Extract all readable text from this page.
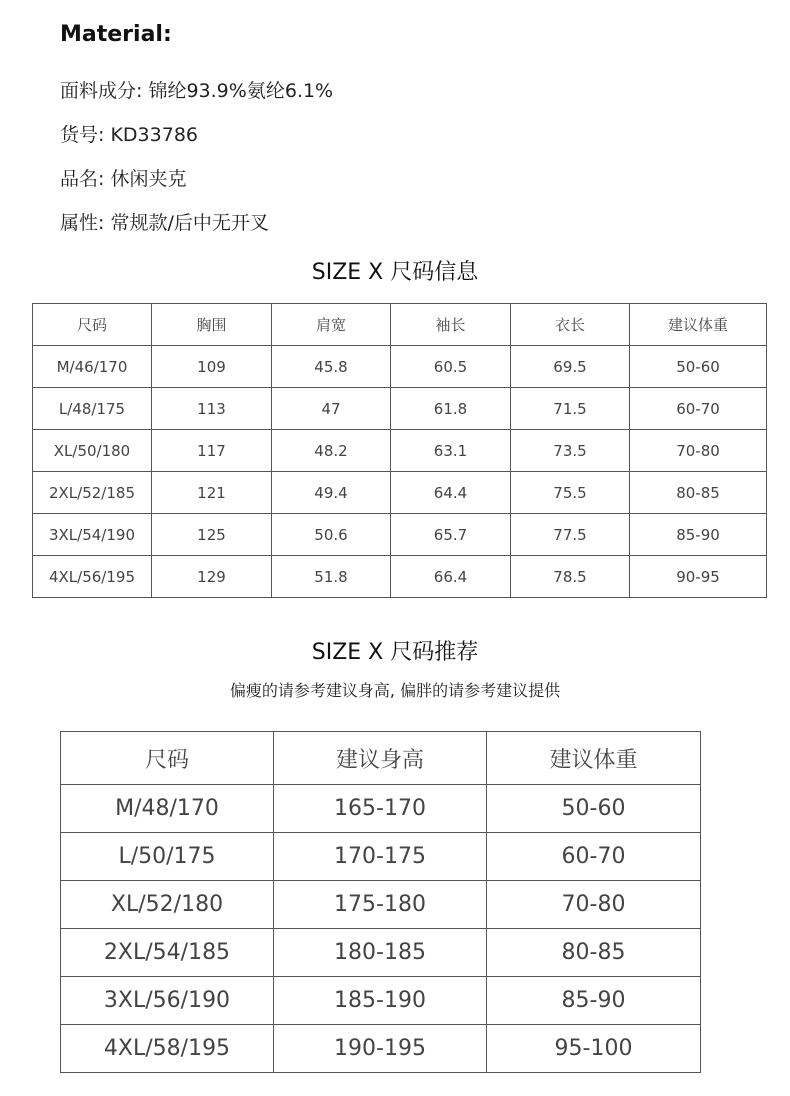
Material:
面料成分: 锦纶93.9%氨纶6.1%
货号: KD33786
品名: 休闲夹克
属性: 常规款/后中无开叉
SIZE X 尺码信息
尺码	胸围	肩宽	袖长	衣长	建议体重
M/46/170	109	45.8	60.5	69.5	50-60
L/48/175	113	47	61.8	71.5	60-70
XL/50/180	117	48.2	63.1	73.5	70-80
2XL/52/185	121	49.4	64.4	75.5	80-85
3XL/54/190	125	50.6	65.7	77.5	85-90
4XL/56/195	129	51.8	66.4	78.5	90-95
SIZE X 尺码推荐
偏瘦的请参考建议身高, 偏胖的请参考建议提供
尺码	建议身高	建议体重
M/48/170	165-170	50-60
L/50/175	170-175	60-70
XL/52/180	175-180	70-80
2XL/54/185	180-185	80-85
3XL/56/190	185-190	85-90
4XL/58/195	190-195	95-100
